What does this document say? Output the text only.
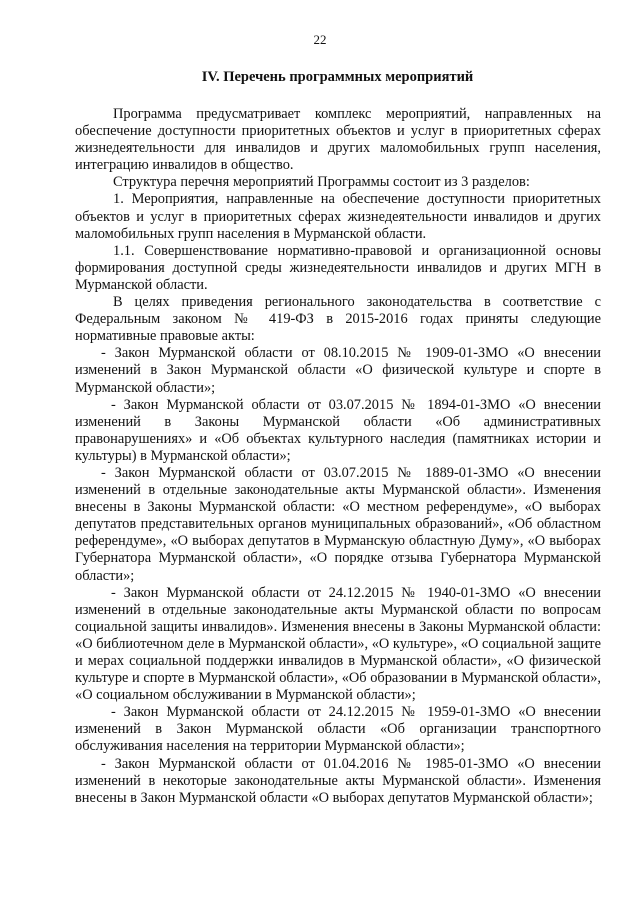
22
IV. Перечень программных мероприятий

Программа предусматривает комплекс мероприятий, направленных на обеспечение доступности приоритетных объектов и услуг в приоритетных сферах жизнедеятельности для инвалидов и других маломобильных групп населения, интеграцию инвалидов в общество.

Структура перечня мероприятий Программы состоит из 3 разделов:

1. Мероприятия, направленные на обеспечение доступности приоритетных объектов и услуг в приоритетных сферах жизнедеятельности инвалидов и других маломобильных групп населения в Мурманской области.

1.1. Совершенствование нормативно-правовой и организационной основы формирования доступной среды жизнедеятельности инвалидов и других МГН в Мурманской области.

В целях приведения регионального законодательства в соответствие с Федеральным законом № 419-ФЗ в 2015-2016 годах приняты следующие нормативные правовые акты:

- Закон Мурманской области от 08.10.2015 № 1909-01-ЗМО «О внесении изменений в Закон Мурманской области «О физической культуре и спорте в Мурманской области»;

- Закон Мурманской области от 03.07.2015 № 1894-01-ЗМО «О внесении изменений в Законы Мурманской области «Об административных правонарушениях» и «Об объектах культурного наследия (памятниках истории и культуры) в Мурманской области»;

- Закон Мурманской области от 03.07.2015 № 1889-01-ЗМО «О внесении изменений в отдельные законодательные акты Мурманской области». Изменения внесены в Законы Мурманской области: «О местном референдуме», «О выборах депутатов представительных органов муниципальных образований», «Об областном референдуме», «О выборах депутатов в Мурманскую областную Думу», «О выборах Губернатора Мурманской области», «О порядке отзыва Губернатора Мурманской области»;

- Закон Мурманской области от 24.12.2015 № 1940-01-ЗМО «О внесении изменений в отдельные законодательные акты Мурманской области по вопросам социальной защиты инвалидов». Изменения внесены в Законы Мурманской области: «О библиотечном деле в Мурманской области», «О культуре», «О социальной защите и мерах социальной поддержки инвалидов в Мурманской области», «О физической культуре и спорте в Мурманской области», «Об образовании в Мурманской области», «О социальном обслуживании в Мурманской области»;

- Закон Мурманской области от 24.12.2015 № 1959-01-ЗМО «О внесении изменений в Закон Мурманской области «Об организации транспортного обслуживания населения на территории Мурманской области»;

- Закон Мурманской области от 01.04.2016 № 1985-01-ЗМО «О внесении изменений в некоторые законодательные акты Мурманской области». Изменения внесены в Закон Мурманской области «О выборах депутатов Мурманской области»;
